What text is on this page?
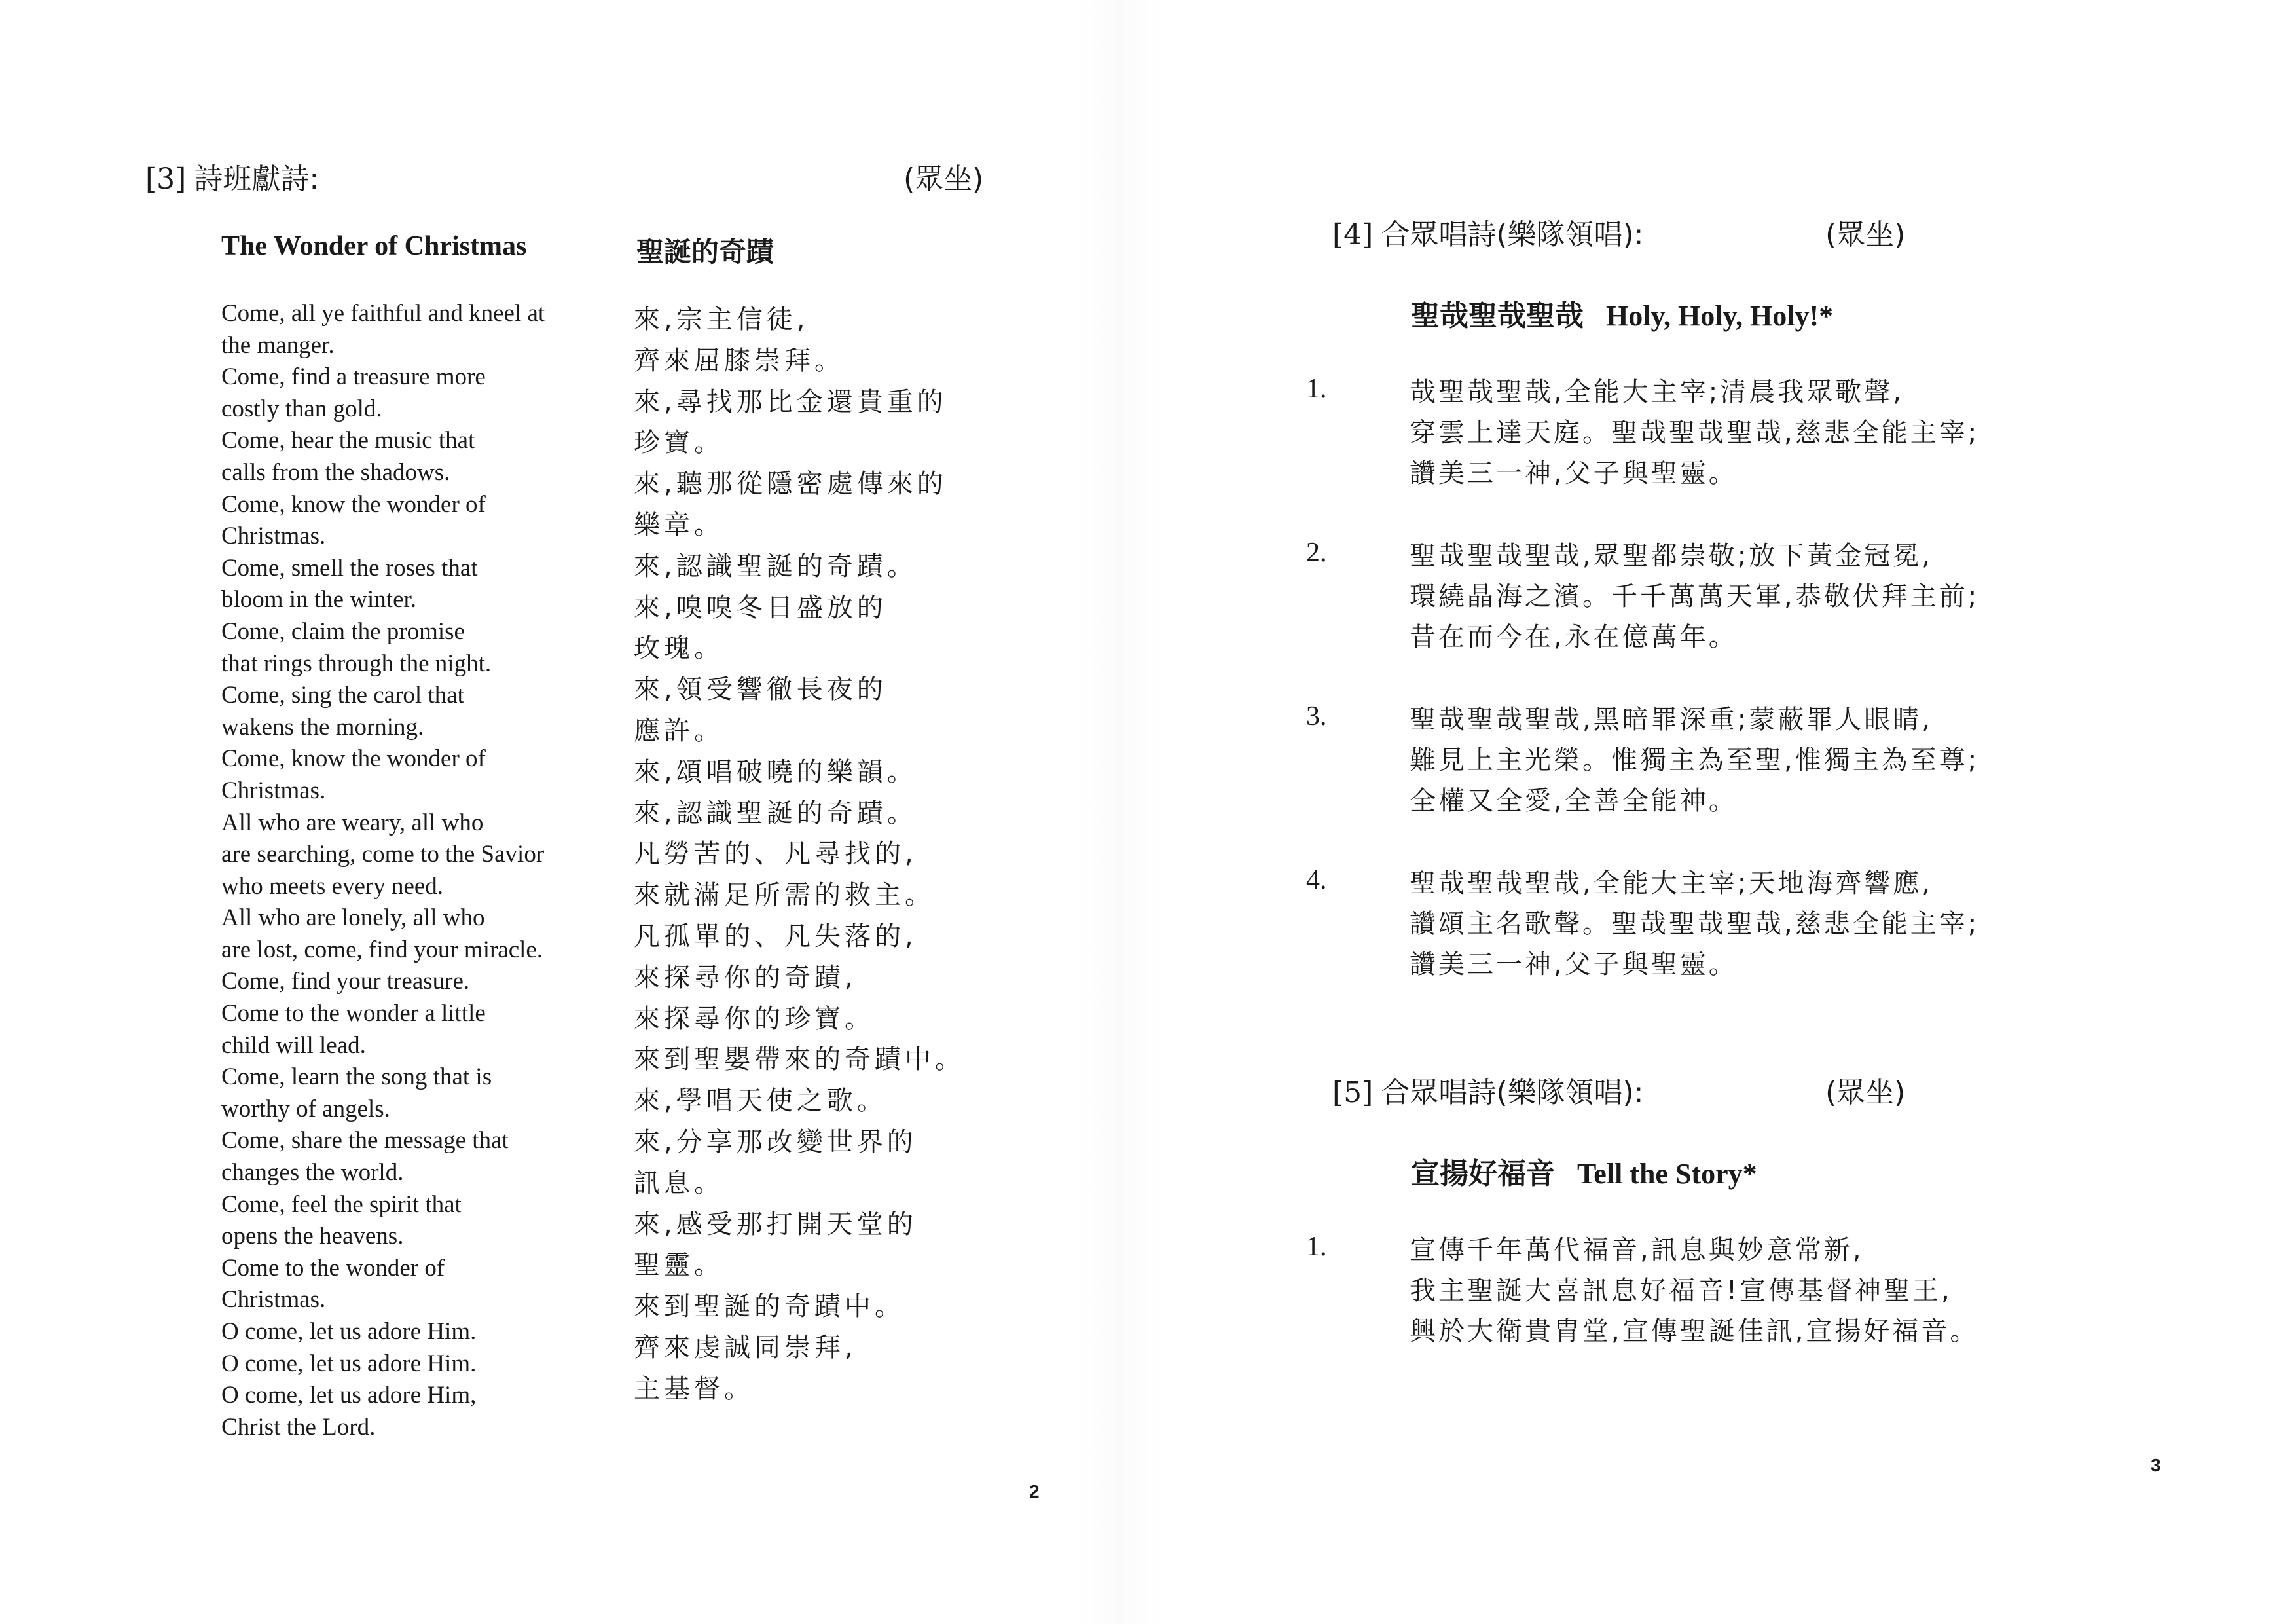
[3] 詩班獻詩:	(眾坐)
The Wonder of Christmas	聖誕的奇蹟
Come, all ye faithful and kneel at
the manger.
Come, find a treasure more
costly than gold.
Come, hear the music that
calls from the shadows.
Come, know the wonder of
Christmas.
Come, smell the roses that
bloom in the winter.
Come, claim the promise
that rings through the night.
Come, sing the carol that
wakens the morning.
Come, know the wonder of
Christmas.
All who are weary, all who
are searching, come to the Savior
who meets every need.
All who are lonely, all who
are lost, come, find your miracle.
Come, find your treasure.
Come to the wonder a little
child will lead.
Come, learn the song that is
worthy of angels.
Come, share the message that
changes the world.
Come, feel the spirit that
opens the heavens.
Come to the wonder of
Christmas.
O come, let us adore Him.
O come, let us adore Him.
O come, let us adore Him,
Christ the Lord.
來,宗主信徒,
齊來屈膝崇拜。
來,尋找那比金還貴重的
珍寶。
來,聽那從隱密處傳來的
樂章。
來,認識聖誕的奇蹟。
來,嗅嗅冬日盛放的
玫瑰。
來,領受響徹長夜的
應許。
來,頌唱破曉的樂韻。
來,認識聖誕的奇蹟。
凡勞苦的、凡尋找的,
來就滿足所需的救主。
凡孤單的、凡失落的,
來探尋你的奇蹟,
來探尋你的珍寶。
來到聖嬰帶來的奇蹟中。
來,學唱天使之歌。
來,分享那改變世界的
訊息。
來,感受那打開天堂的
聖靈。
來到聖誕的奇蹟中。
齊來虔誠同崇拜,
主基督。
2
[4] 合眾唱詩(樂隊領唱):	(眾坐)
聖哉聖哉聖哉 Holy, Holy, Holy!*
1.	哉聖哉聖哉,全能大主宰;清晨我眾歌聲,
穿雲上達天庭。聖哉聖哉聖哉,慈悲全能主宰;
讚美三一神,父子與聖靈。
2.	聖哉聖哉聖哉,眾聖都崇敬;放下黃金冠冕,
環繞晶海之濱。千千萬萬天軍,恭敬伏拜主前;
昔在而今在,永在億萬年。
3.	聖哉聖哉聖哉,黑暗罪深重;蒙蔽罪人眼睛,
難見上主光榮。惟獨主為至聖,惟獨主為至尊;
全權又全愛,全善全能神。
4.	聖哉聖哉聖哉,全能大主宰;天地海齊響應,
讚頌主名歌聲。聖哉聖哉聖哉,慈悲全能主宰;
讚美三一神,父子與聖靈。
[5] 合眾唱詩(樂隊領唱):	(眾坐)
宣揚好福音 Tell the Story*
1.	宣傳千年萬代福音,訊息與妙意常新,
我主聖誕大喜訊息好福音!宣傳基督神聖王,
興於大衛貴胄堂,宣傳聖誕佳訊,宣揚好福音。
3
